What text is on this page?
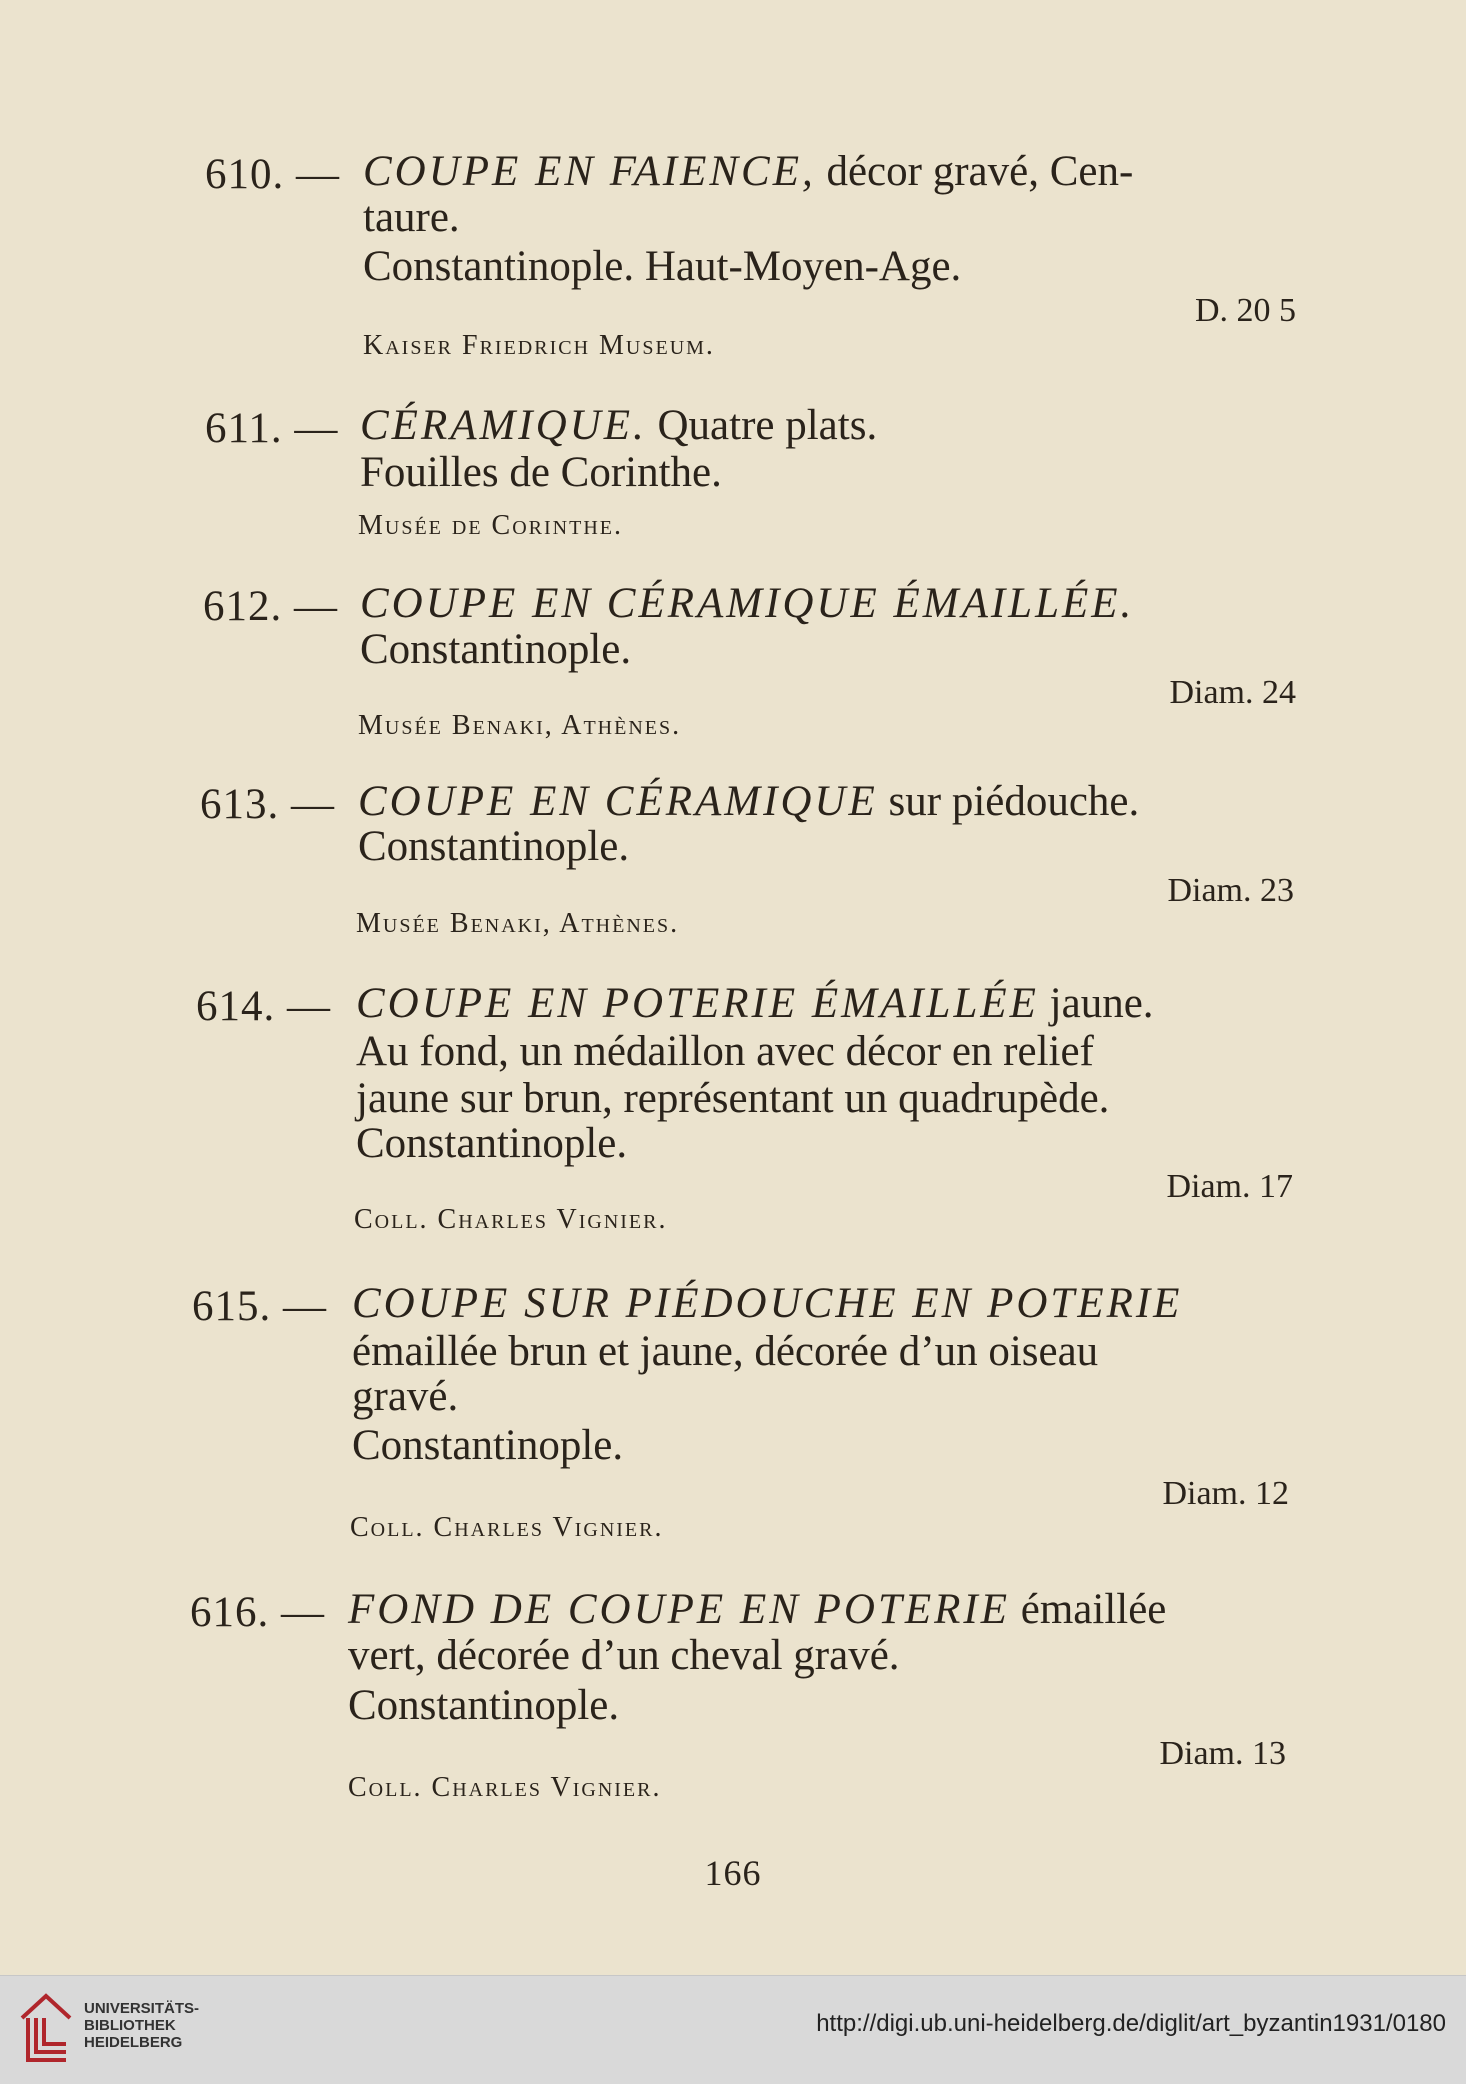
610. — COUPE EN FAIENCE, décor gravé, Cen-
taure.
Constantinople. Haut-Moyen-Age.
D. 20 5
Kaiser Friedrich Museum.
611. — CÉRAMIQUE. Quatre plats.
Fouilles de Corinthe.
Musée de Corinthe.
612. — COUPE EN CÉRAMIQUE ÉMAILLÉE.
Constantinople.
Diam. 24
Musée Benaki, Athènes.
613. — COUPE EN CÉRAMIQUE sur piédouche.
Constantinople.
Diam. 23
Musée Benaki, Athènes.
614. — COUPE EN POTERIE ÉMAILLÉE jaune.
Au fond, un médaillon avec décor en relief
jaune sur brun, représentant un quadrupède.
Constantinople.
Diam. 17
Coll. Charles Vignier.
615. — COUPE SUR PIÉDOUCHE EN POTERIE
émaillée brun et jaune, décorée d’un oiseau
gravé.
Constantinople.
Diam. 12
Coll. Charles Vignier.
616. — FOND DE COUPE EN POTERIE émaillée
vert, décorée d’un cheval gravé.
Constantinople.
Diam. 13
Coll. Charles Vignier.
166
UNIVERSITÄTS-
BIBLIOTHEK
HEIDELBERG
http://digi.ub.uni-heidelberg.de/diglit/art_byzantin1931/0180
